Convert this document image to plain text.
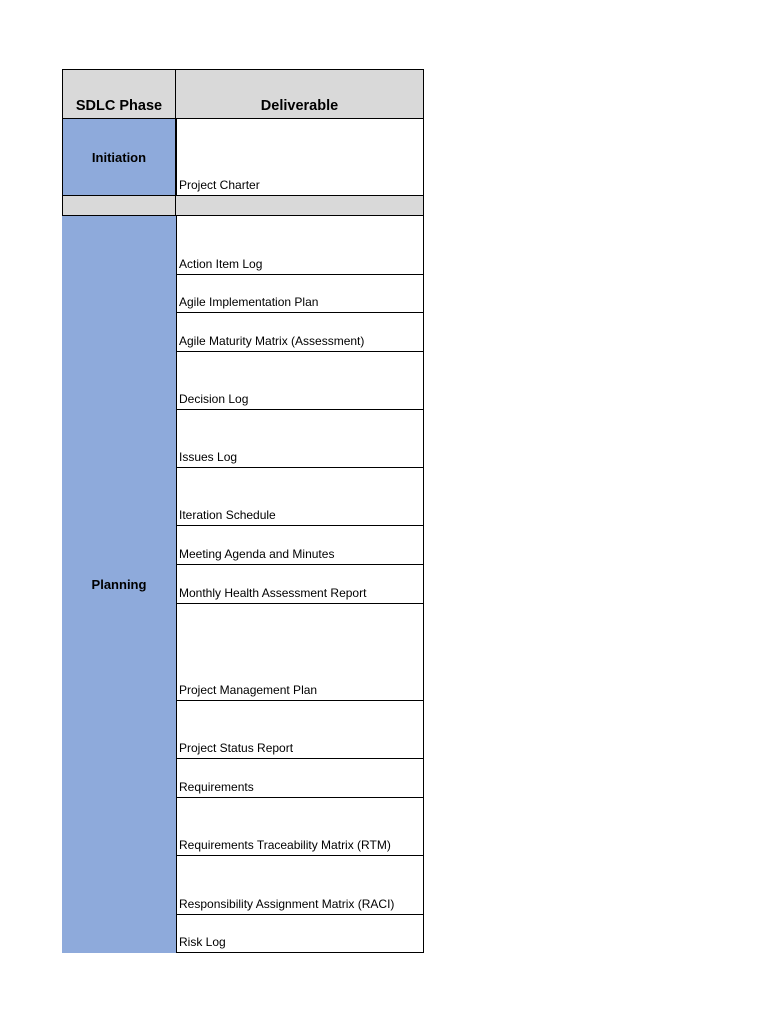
SDLC Phase	Deliverable
Initiation
Project Charter
Planning
Action Item Log
Agile Implementation Plan
Agile Maturity Matrix (Assessment)
Decision Log
Issues Log
Iteration Schedule
Meeting Agenda and Minutes
Monthly Health Assessment Report
Project Management Plan
Project Status Report
Requirements
Requirements Traceability Matrix (RTM)
Responsibility Assignment Matrix (RACI)
Risk Log
